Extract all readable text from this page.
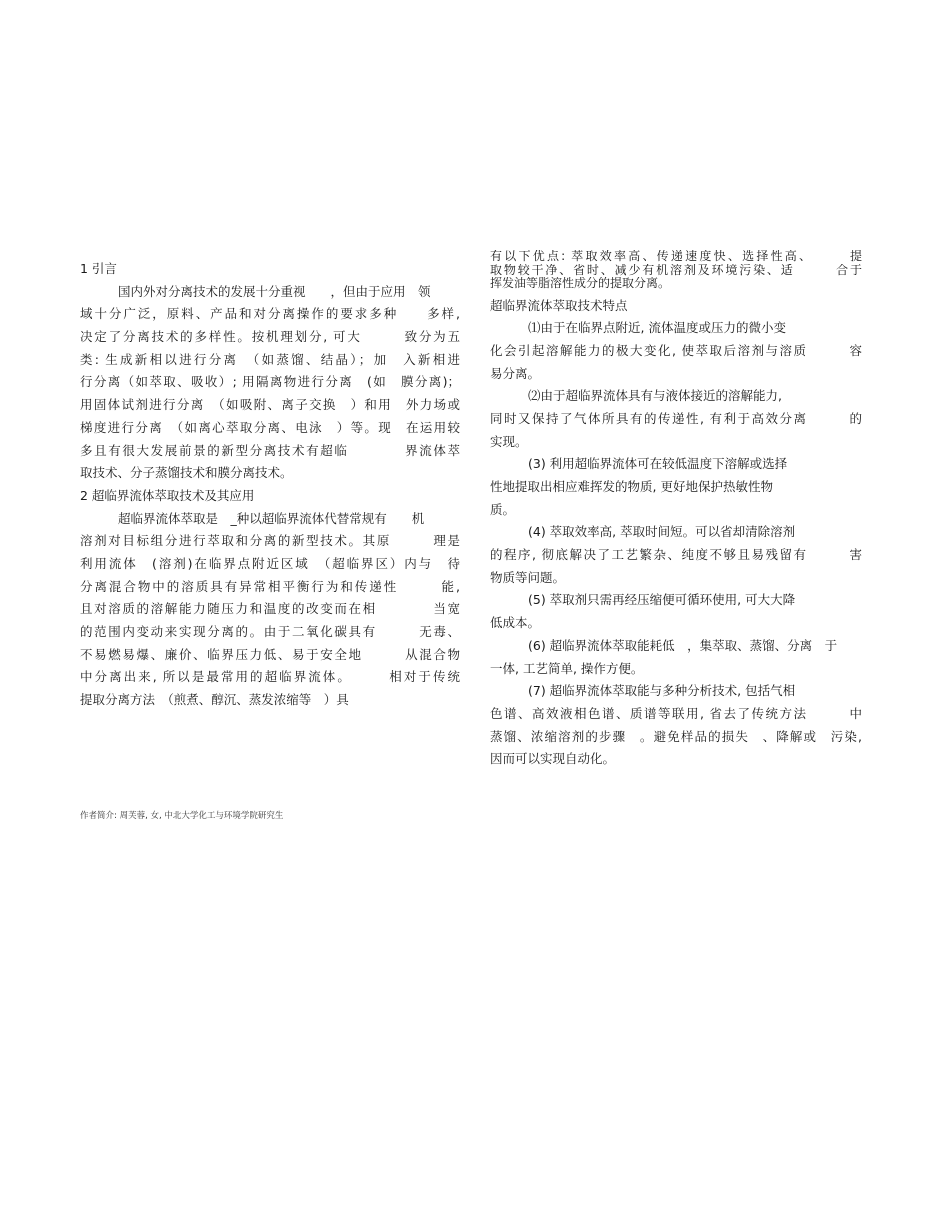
1 引言
国内外对分离技术的发展十分重视　　，但由于应用　领
域十分广泛，原料、产品和对分离操作的要求多种　　多样,
决定了分离技术的多样性。按机理划分, 可大　　　致分为五
类: 生成新相以进行分离　（如蒸馏、结晶）；加　入新相进
行分离（如萃取、吸收）; 用隔离物进行分离　(如　膜分离)；
用固体试剂进行分离　（如吸附、离子交换　）和用　外力场或
梯度进行分离　（如离心萃取分离、电泳　）等。现　在运用较
多且有很大发展前景的新型分离技术有超临　　　　界流体萃
取技术、分子蒸馏技术和膜分离技术。
2 超临界流体萃取技术及其应用
超临界流体萃取是　_种以超临界流体代替常规有　　机
溶剂对目标组分进行萃取和分离的新型技术。其原　　　理是
利用流体　(溶剂)在临界点附近区域　（超临界区）内与　待
分离混合物中的溶质具有异常相平衡行为和传递性　　　能,
且对溶质的溶解能力随压力和温度的改变而在相　　　　当宽
的范围内变动来实现分离的。由于二氧化碳具有　　　无毒、
不易燃易爆、廉价、临界压力低、易于安全地　　　从混合物
中分离出来, 所以是最常用的超临界流体。　　　相对于传统
提取分离方法　（煎煮、醇沉、蒸发浓缩等　）具
作者简介: 周芙蓉, 女, 中北大学化工与环境学院研究生
有以下优点: 萃取效率高、传递速度快、选择性高、　　　提
取物较干净、省时、减少有机溶剂及环境污染、适　　　合于
挥发油等脂溶性成分的提取分离。
超临界流体萃取技术特点
⑴由于在临界点附近, 流体温度或压力的微小变
化会引起溶解能力的极大变化, 使萃取后溶剂与溶质　　　容
易分离。
⑵由于超临界流体具有与液体接近的溶解能力,
同时又保持了气体所具有的传递性, 有利于高效分离　　　的
实现。
(3) 利用超临界流体可在较低温度下溶解或选择
性地提取出相应难挥发的物质, 更好地保护热敏性物
质。
(4) 萃取效率高, 萃取时间短。可以省却清除溶剂
的程序, 彻底解决了工艺繁杂、纯度不够且易残留有　　　害
物质等问题。
(5) 萃取剂只需再经压缩便可循环使用, 可大大降
低成本。
(6) 超临界流体萃取能耗低　，集萃取、蒸馏、分离　于
一体, 工艺简单, 操作方便。
(7) 超临界流体萃取能与多种分析技术, 包括气相
色谱、高效液相色谱、质谱等联用, 省去了传统方法　　　中
蒸馏、浓缩溶剂的步骤　。避免样品的损失　、降解或　污染,
因而可以实现自动化。
